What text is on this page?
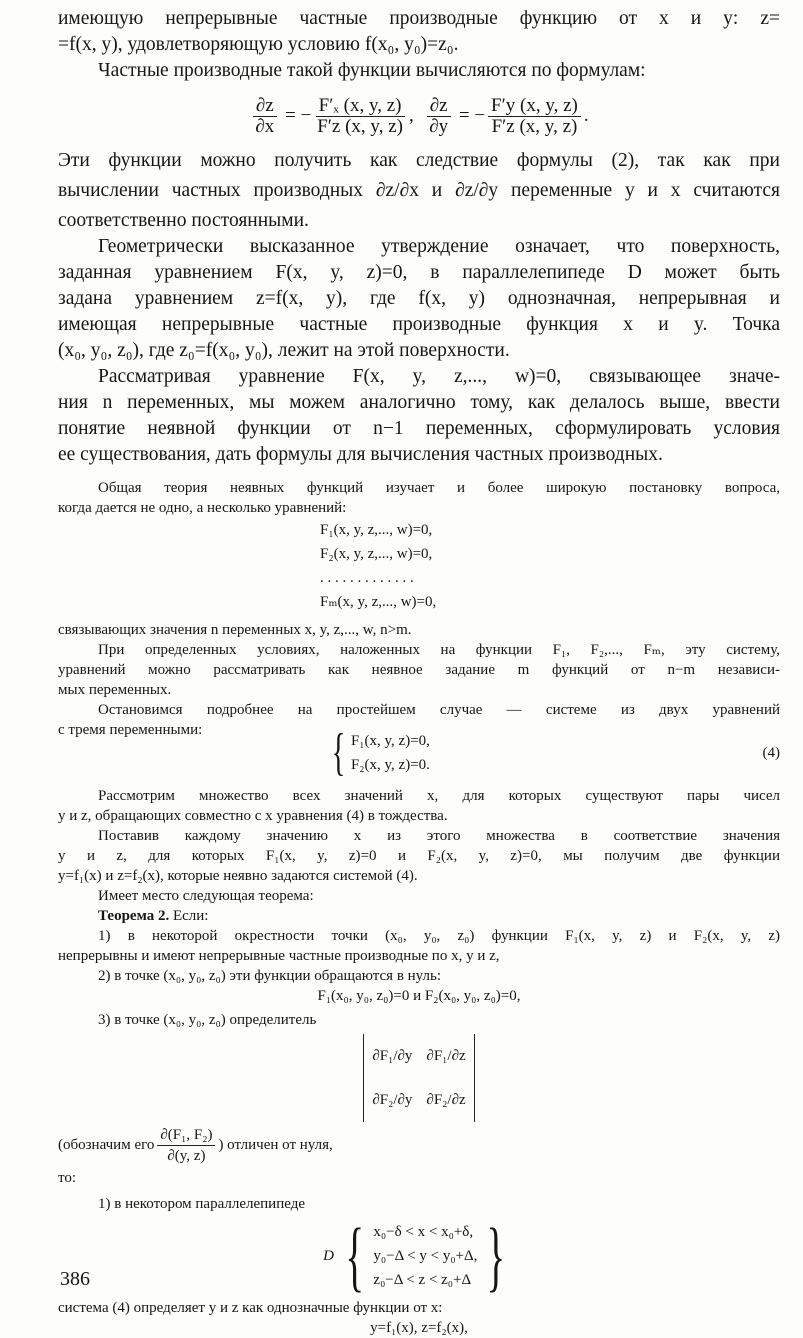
имеющую непрерывные частные производные функцию от x и y: z=
=f(x, y), удовлетворяющую условию f(x₀, y₀)=z₀.
Частные производные такой функции вычисляются по формулам:
$\frac{\partial z}{\partial x}$ = − $\frac{\text{F′ₓ (x, y, z)}}{F'z (x, y, z)}$ , $\frac{\partial z}{\partial y}$ = − $\frac{F'y (x, y, z)}{F'z (x, y, z)}$ .
Эти функции можно получить как следствие формулы (2), так как при
вычислении частных производных ∂z/∂x и ∂z/∂y переменные y и x считаются
соответственно постоянными.
Геометрически высказанное утверждение означает, что поверхность,
заданная уравнением F(x, y, z)=0, в параллелепипеде D может быть
задана уравнением z=f(x, y), где f(x, y) однозначная, непрерывная и
имеющая непрерывные частные производные функция x и y. Точка
(x₀, y₀, z₀), где z₀=f(x₀, y₀), лежит на этой поверхности.
Рассматривая уравнение F(x, y, z,..., w)=0, связывающее значе-
ния n переменных, мы можем аналогично тому, как делалось выше, ввести
понятие неявной функции от n−1 переменных, сформулировать условия
ее существования, дать формулы для вычисления частных производных.
Общая теория неявных функций изучает и более широкую постановку вопроса,
когда дается не одно, а несколько уравнений:
F₁(x, y, z,..., w)=0,
F₂(x, y, z,..., w)=0,
. . . . . . . . . . . . .
Fₘ(x, y, z,..., w)=0,
связывающих значения n переменных x, y, z,..., w, n>m.
При определенных условиях, наложенных на функции F₁, F₂,..., Fₘ, эту систему,
уравнений можно рассматривать как неявное задание m функций от n−m независи-
мых переменных.
Остановимся подробнее на простейшем случае — системе из двух уравнений
с тремя переменными:	{ F₁(x, y, z)=0,
F₂(x, y, z)=0.
(4)
Рассмотрим множество всех значений x, для которых существуют пары чисел
y и z, обращающих совместно с x уравнения (4) в тождества.
Поставив каждому значению x из этого множества в соответствие значения
y и z, для которых F₁(x, y, z)=0 и F₂(x, y, z)=0, мы получим две функции
y=f₁(x) и z=f₂(x), которые неявно задаются системой (4).
Имеет место следующая теорема:
Теорема 2. Если:
1) в некоторой окрестности точки (x₀, y₀, z₀) функции F₁(x, y, z) и F₂(x, y, z)
непрерывны и имеют непрерывные частные производные по x, y и z,
2) в точке (x₀, y₀, z₀) эти функции обращаются в нуль:
F₁(x₀, y₀, z₀)=0 и F₂(x₀, y₀, z₀)=0,
3) в точке (x₀, y₀, z₀) определитель
∂F₁/∂y ∂F₁/∂z
∂F₂/∂y ∂F₂/∂z
(обозначим его $\frac{\text{∂(F₁, F₂)}}{\partial(y, z)}$ ) отличен от нуля,
то:
1) в некотором параллелепипеде
D { x₀−δ < x < x₀+δ,
y₀−Δ < y < y₀+Δ,
z₀−Δ < z < z₀+Δ }
система (4) определяет y и z как однозначные функции от x:
y=f₁(x), z=f₂(x),
386
